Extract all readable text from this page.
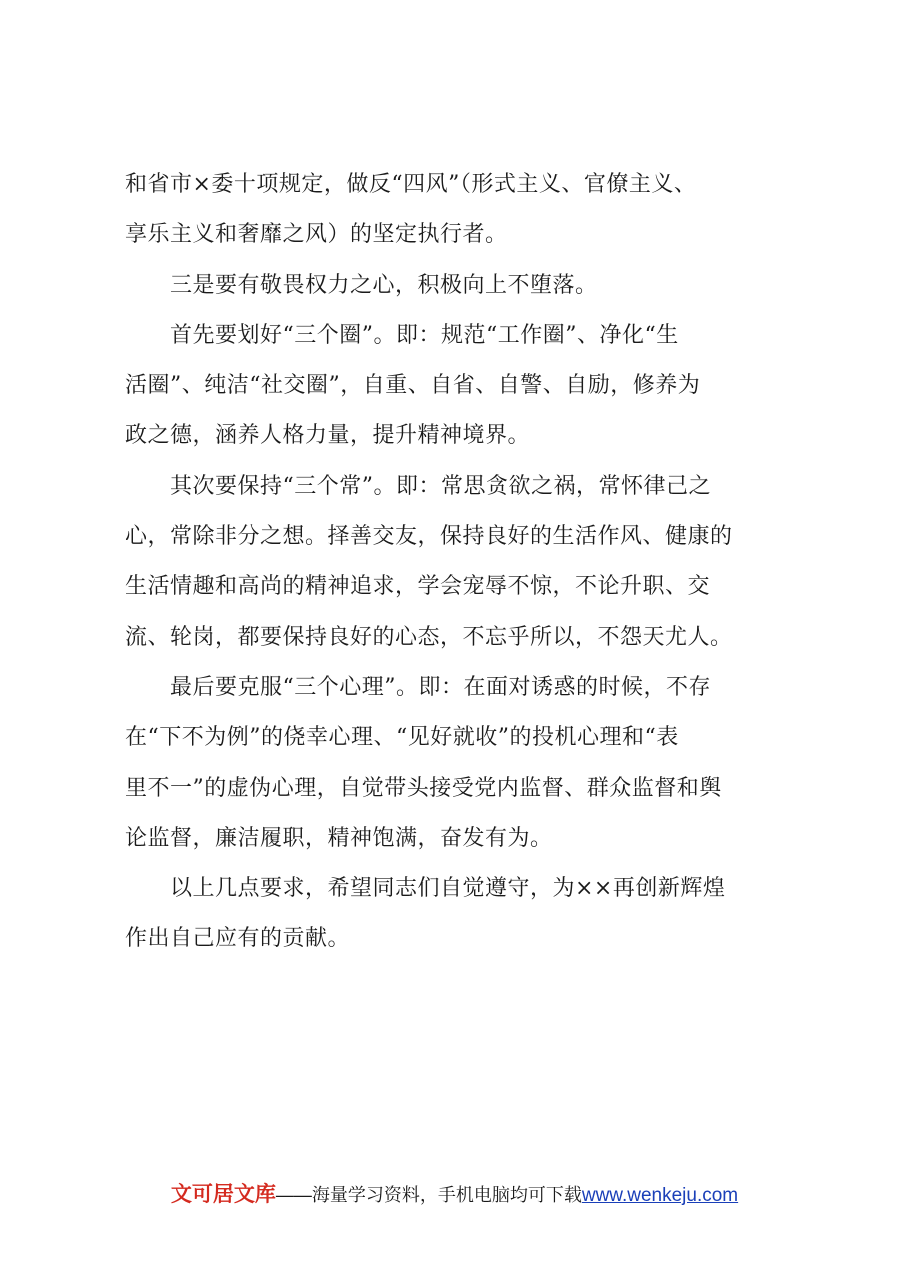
和省市×委十项规定，做反“四风”（形式主义、官僚主义、
享乐主义和奢靡之风）的坚定执行者。
　　三是要有敬畏权力之心，积极向上不堕落。
　　首先要划好“三个圈”。即：规范“工作圈”、净化“生
活圈”、纯洁“社交圈”，自重、自省、自警、自励，修养为
政之德，涵养人格力量，提升精神境界。
　　其次要保持“三个常”。即：常思贪欲之祸，常怀律己之
心，常除非分之想。择善交友，保持良好的生活作风、健康的
生活情趣和高尚的精神追求，学会宠辱不惊，不论升职、交
流、轮岗，都要保持良好的心态，不忘乎所以，不怨天尤人。
　　最后要克服“三个心理”。即：在面对诱惑的时候，不存
在“下不为例”的侥幸心理、“见好就收”的投机心理和“表
里不一”的虚伪心理，自觉带头接受党内监督、群众监督和舆
论监督，廉洁履职，精神饱满，奋发有为。
　　以上几点要求，希望同志们自觉遵守，为××再创新辉煌
作出自己应有的贡献。
文可居文库——海量学习资料，手机电脑均可下载www.wenkeju.com
